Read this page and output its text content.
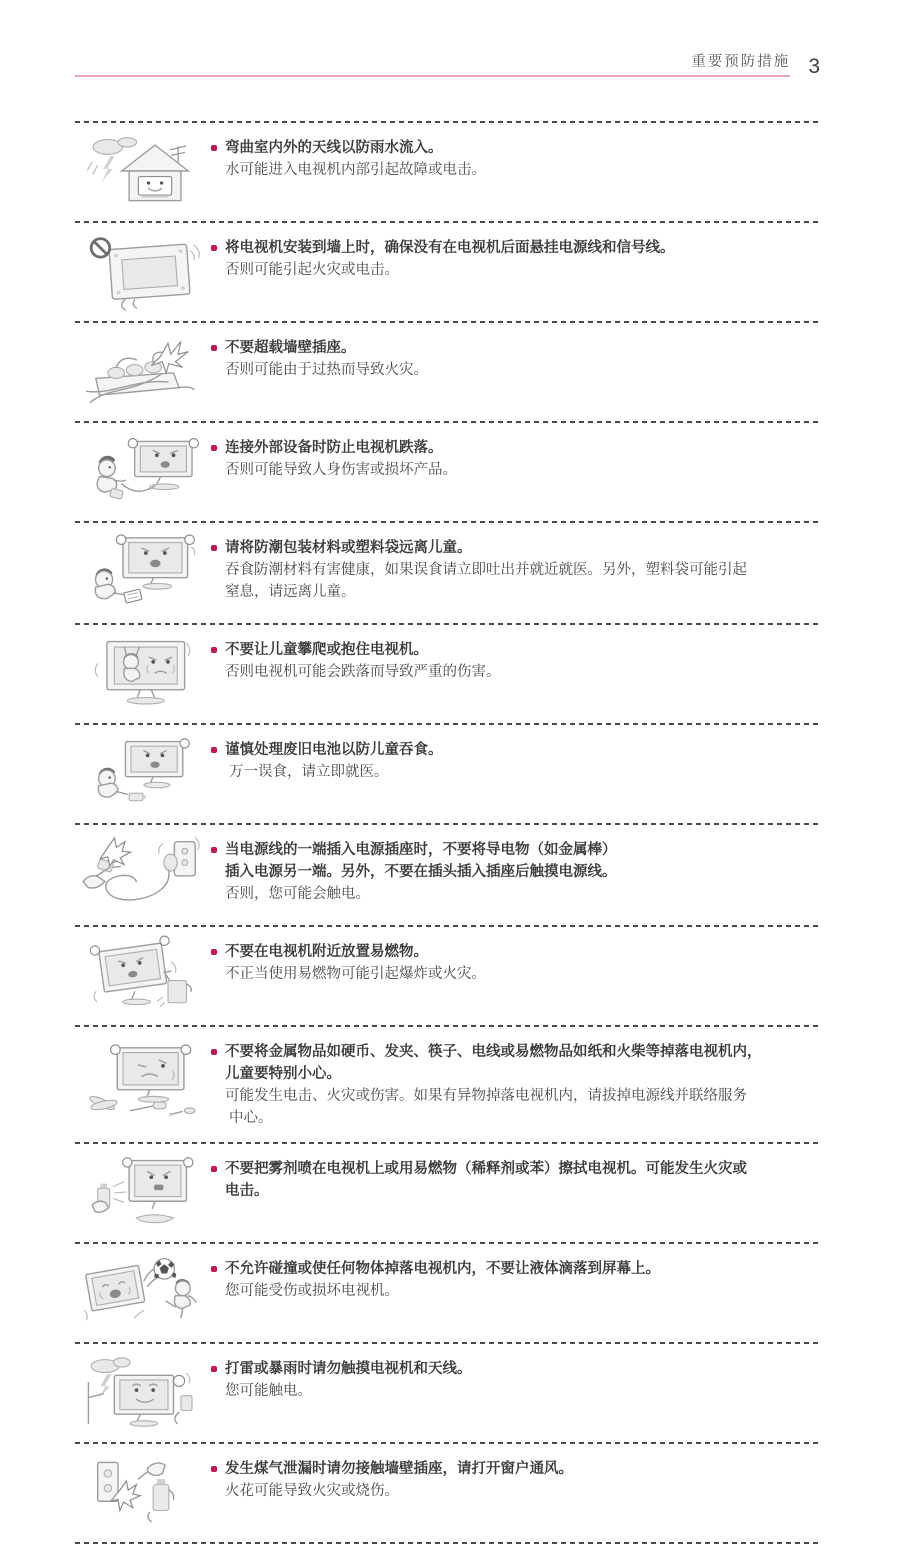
重要预防措施 3
弯曲室内外的天线以防雨水流入。
水可能进入电视机内部引起故障或电击。
将电视机安装到墙上时，确保没有在电视机后面悬挂电源线和信号线。
否则可能引起火灾或电击。
不要超载墙壁插座。
否则可能由于过热而导致火灾。
连接外部设备时防止电视机跌落。
否则可能导致人身伤害或损坏产品。
请将防潮包装材料或塑料袋远离儿童。
吞食防潮材料有害健康，如果误食请立即吐出并就近就医。另外，塑料袋可能引起
窒息，请远离儿童。
不要让儿童攀爬或抱住电视机。
否则电视机可能会跌落而导致严重的伤害。
谨慎处理废旧电池以防儿童吞食。
万一误食，请立即就医。
当电源线的一端插入电源插座时，不要将导电物（如金属棒）
插入电源另一端。另外，不要在插头插入插座后触摸电源线。
否则，您可能会触电。
不要在电视机附近放置易燃物。
不正当使用易燃物可能引起爆炸或火灾。
不要将金属物品如硬币、发夹、筷子、电线或易燃物品如纸和火柴等掉落电视机内，
儿童要特别小心。
可能发生电击、火灾或伤害。如果有异物掉落电视机内，请拔掉电源线并联络服务
中心。
不要把雾剂喷在电视机上或用易燃物（稀释剂或苯）擦拭电视机。可能发生火灾或
电击。
不允许碰撞或使任何物体掉落电视机内，不要让液体滴落到屏幕上。
您可能受伤或损坏电视机。
打雷或暴雨时请勿触摸电视机和天线。
您可能触电。
发生煤气泄漏时请勿接触墙壁插座，请打开窗户通风。
火花可能导致火灾或烧伤。
